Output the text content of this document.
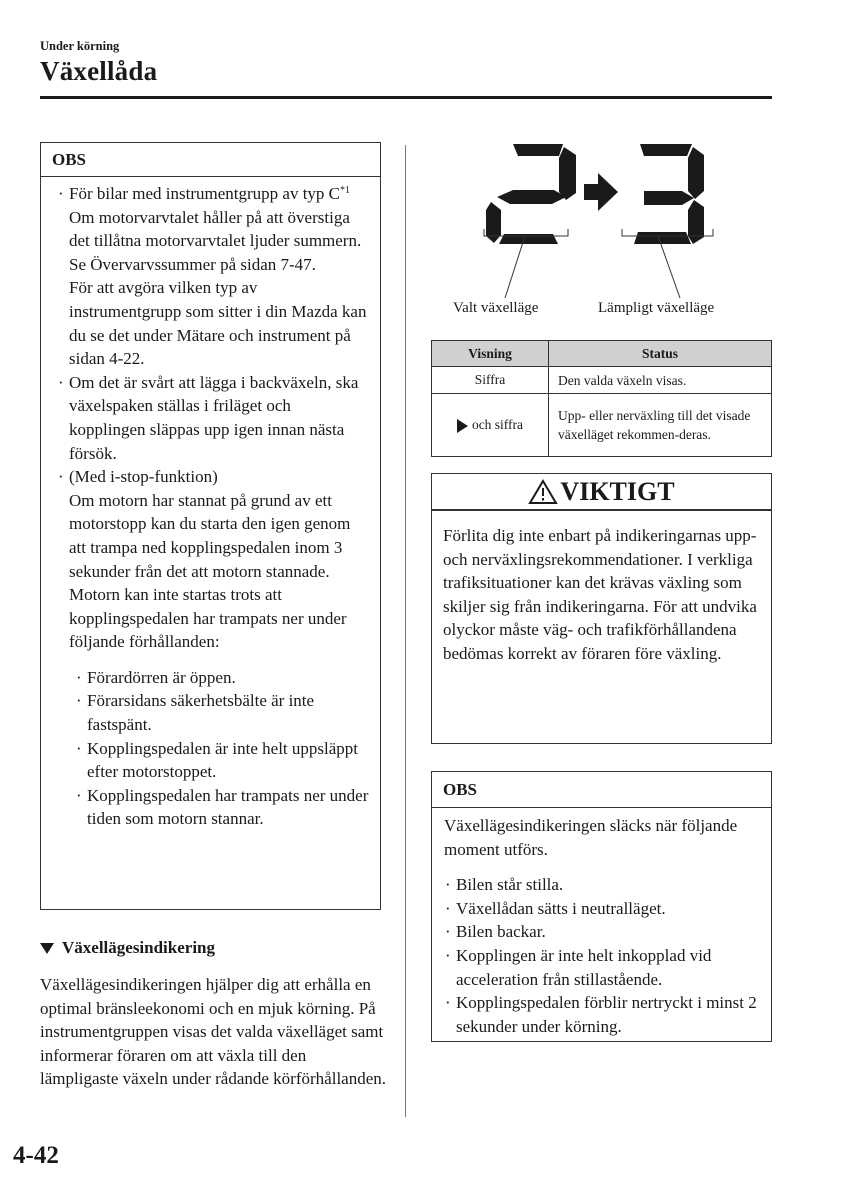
Under körning
Växellåda
OBS

· För bilar med instrumentgrupp av typ $C^{*1}$

Om motorvarvtalet håller på att överstiga det tillåtna motorvarvtalet ljuder summern.

Se Övervarvssummer på sidan 7-47.

För att avgöra vilken typ av instrumentgrupp som sitter i din Mazda kan du se det under Mätare och instrument på sidan 4-22.

· Om det är svårt att lägga i backväxeln, ska växelspaken ställas i friläget och kopplingen släppas upp igen innan nästa försök.

· (Med i-stop-funktion)

Om motorn har stannat på grund av ett motorstopp kan du starta den igen genom att trampa ned kopplingspedalen inom 3 sekunder från det att motorn stannade.

Motorn kan inte startas trots att kopplingspedalen har trampats ner under följande förhållanden:

· Förardörren är öppen.

· Förarsidans säkerhetsbälte är inte fastspänt.

· Kopplingspedalen är inte helt uppsläppt efter motorstoppet.

· Kopplingspedalen har trampats ner under tiden som motorn stannar.

Växellägesindikering
Växellägesindikeringen hjälper dig att erhålla en optimal bränsleekonomi och en mjuk körning. På instrumentgruppen visas det valda växelläget samt informerar föraren om att växla till den lämpligaste växeln under rådande körförhållanden.
Valt växelläge	Lämpligt växelläge
Visning	Status
Siffra	Den valda växeln visas.
och siffra	Upp- eller nerväxling till det visade växelläget rekommen-deras.
VIKTIGT
Förlita dig inte enbart på indikeringarnas upp- och nerväxlingsrekommendationer. I verkliga trafiksituationer kan det krävas växling som skiljer sig från indikeringarna. För att undvika olyckor måste väg- och trafikförhållandena bedömas korrekt av föraren före växling.
OBS

Växellägesindikeringen släcks när följande moment utförs.

· Bilen står stilla.

· Växellådan sätts i neutralläget.

· Bilen backar.

· Kopplingen är inte helt inkopplad vid acceleration från stillastående.

· Kopplingspedalen förblir nertryckt i minst 2 sekunder under körning.

4-42
